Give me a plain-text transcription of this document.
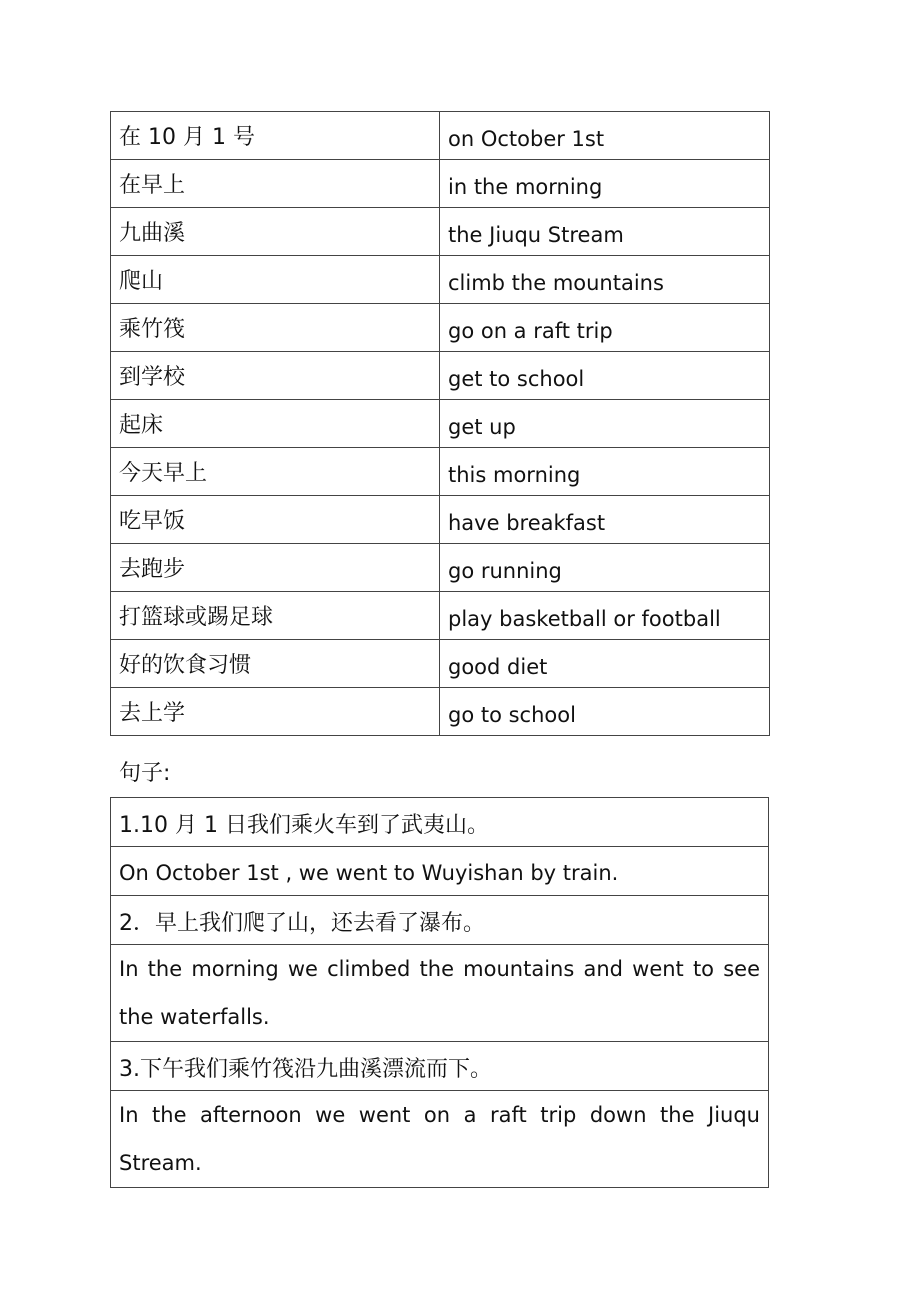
在 10 月 1 号	on October 1st
在早上	in the morning
九曲溪	the Jiuqu Stream
爬山	climb the mountains
乘竹筏	go on a raft trip
到学校	get to school
起床	get up
今天早上	this morning
吃早饭	have breakfast
去跑步	go running
打篮球或踢足球	play basketball or football
好的饮食习惯	good diet
去上学	go to school
句子:
1.10 月 1 日我们乘火车到了武夷山。
On October 1st , we went to Wuyishan by train.
2．早上我们爬了山，还去看了瀑布。
In the morning we climbed the mountains and went to see the waterfalls.
3.下午我们乘竹筏沿九曲溪漂流而下。
In the afternoon we went on a raft trip down the Jiuqu Stream.
